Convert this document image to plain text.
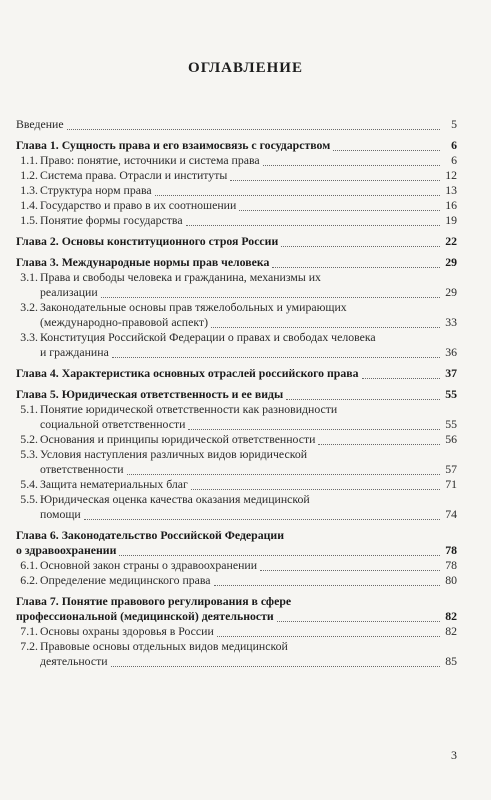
ОГЛАВЛЕНИЕ
Введение	5
Глава 1. Сущность права и его взаимосвязь с государством	6
1.1. Право: понятие, источники и система права	6
1.2. Система права. Отрасли и институты	12
1.3. Структура норм права	13
1.4. Государство и право в их соотношении	16
1.5. Понятие формы государства	19
Глава 2. Основы конституционного строя России	22
Глава 3. Международные нормы прав человека	29
3.1. Права и свободы человека и гражданина, механизмы их
реализации	29
3.2. Законодательные основы прав тяжелобольных и умирающих
(международно-правовой аспект)	33
3.3. Конституция Российской Федерации о правах и свободах человека
и гражданина	36
Глава 4. Характеристика основных отраслей российского права	37
Глава 5. Юридическая ответственность и ее виды	55
5.1. Понятие юридической ответственности как разновидности
социальной ответственности	55
5.2. Основания и принципы юридической ответственности	56
5.3. Условия наступления различных видов юридической
ответственности	57
5.4. Защита нематериальных благ	71
5.5. Юридическая оценка качества оказания медицинской
помощи	74
Глава 6. Законодательство Российской Федерации
о здравоохранении	78
6.1. Основной закон страны о здравоохранении	78
6.2. Определение медицинского права	80
Глава 7. Понятие правового регулирования в сфере
профессиональной (медицинской) деятельности	82
7.1. Основы охраны здоровья в России	82
7.2. Правовые основы отдельных видов медицинской
деятельности	85
3
